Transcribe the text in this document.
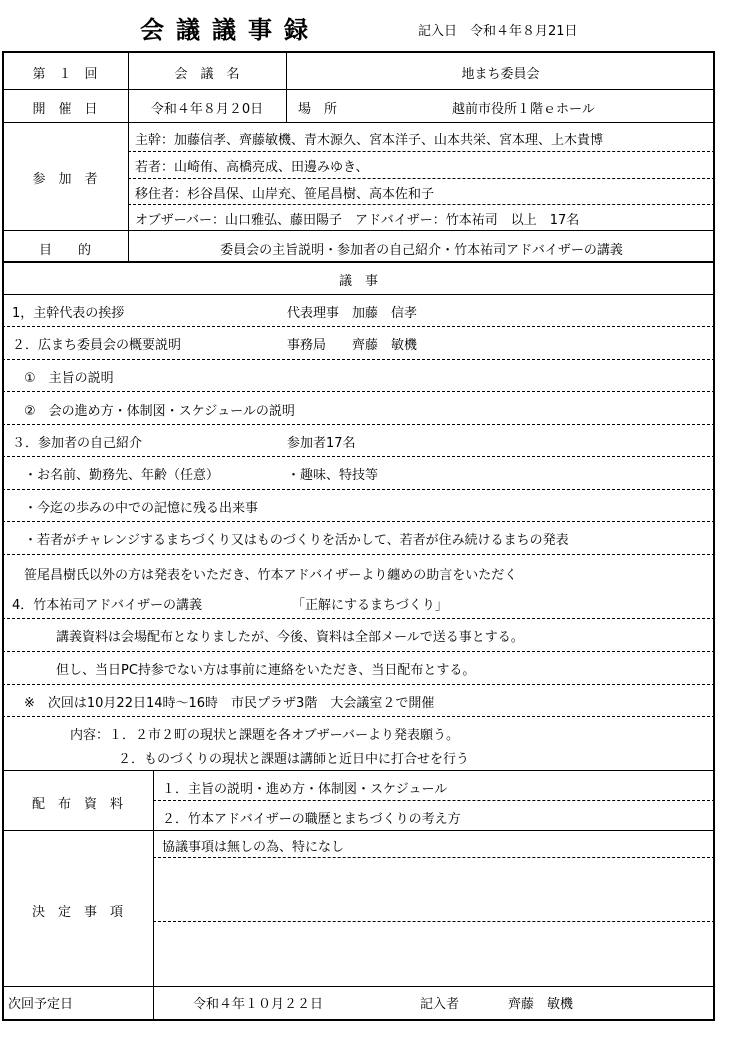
会議議事録	記入日　令和４年８月21日
第　１　回	会　議　名	地まち委員会
開　催　日	令和４年８月２0日	場　所	越前市役所１階ｅホール
参　加　者
主幹：加藤信孝、齊藤敏機、青木源久、宮本洋子、山本共栄、宮本理、上木貴博
若者：山崎侑、高橋亮成、田邊みゆき、
移住者：杉谷昌保、山岸充、笹尾昌樹、高本佐和子
オブザーバー：山口雅弘、藤田陽子　アドバイザー：竹本祐司　以上　17名
目　　的	委員会の主旨説明・参加者の自己紹介・竹本祐司アドバイザーの講義
議　事
1，主幹代表の挨拶	代表理事　加藤　信孝
２．広まち委員会の概要説明	事務局　　齊藤　敏機
①　主旨の説明
②　会の進め方・体制図・スケジュールの説明
３．参加者の自己紹介	参加者17名
・お名前、勤務先、年齢（任意）	・趣味、特技等
・今迄の歩みの中での記憶に残る出来事
・若者がチャレンジするまちづくり又はものづくりを活かして、若者が住み続けるまちの発表
笹尾昌樹氏以外の方は発表をいただき、竹本アドバイザーより纏めの助言をいただく
4．竹本祐司アドバイザーの講義	「正解にするまちづくり」
講義資料は会場配布となりましたが、今後、資料は全部メールで送る事とする。
但し、当日PC持参でない方は事前に連絡をいただき、当日配布とする。
※　次回は10月22日14時～16時　市民プラザ3階　大会議室２で開催
内容：１．２市２町の現状と課題を各オブザーバーより発表願う。
２．ものづくりの現状と課題は講師と近日中に打合せを行う
配　布　資　料
１．主旨の説明・進め方・体制図・スケジュール
２．竹本アドバイザーの職歴とまちづくりの考え方
決　定　事　項
協議事項は無しの為、特になし
次回予定日	令和４年１０月２２日	記入者	齊藤　敏機
